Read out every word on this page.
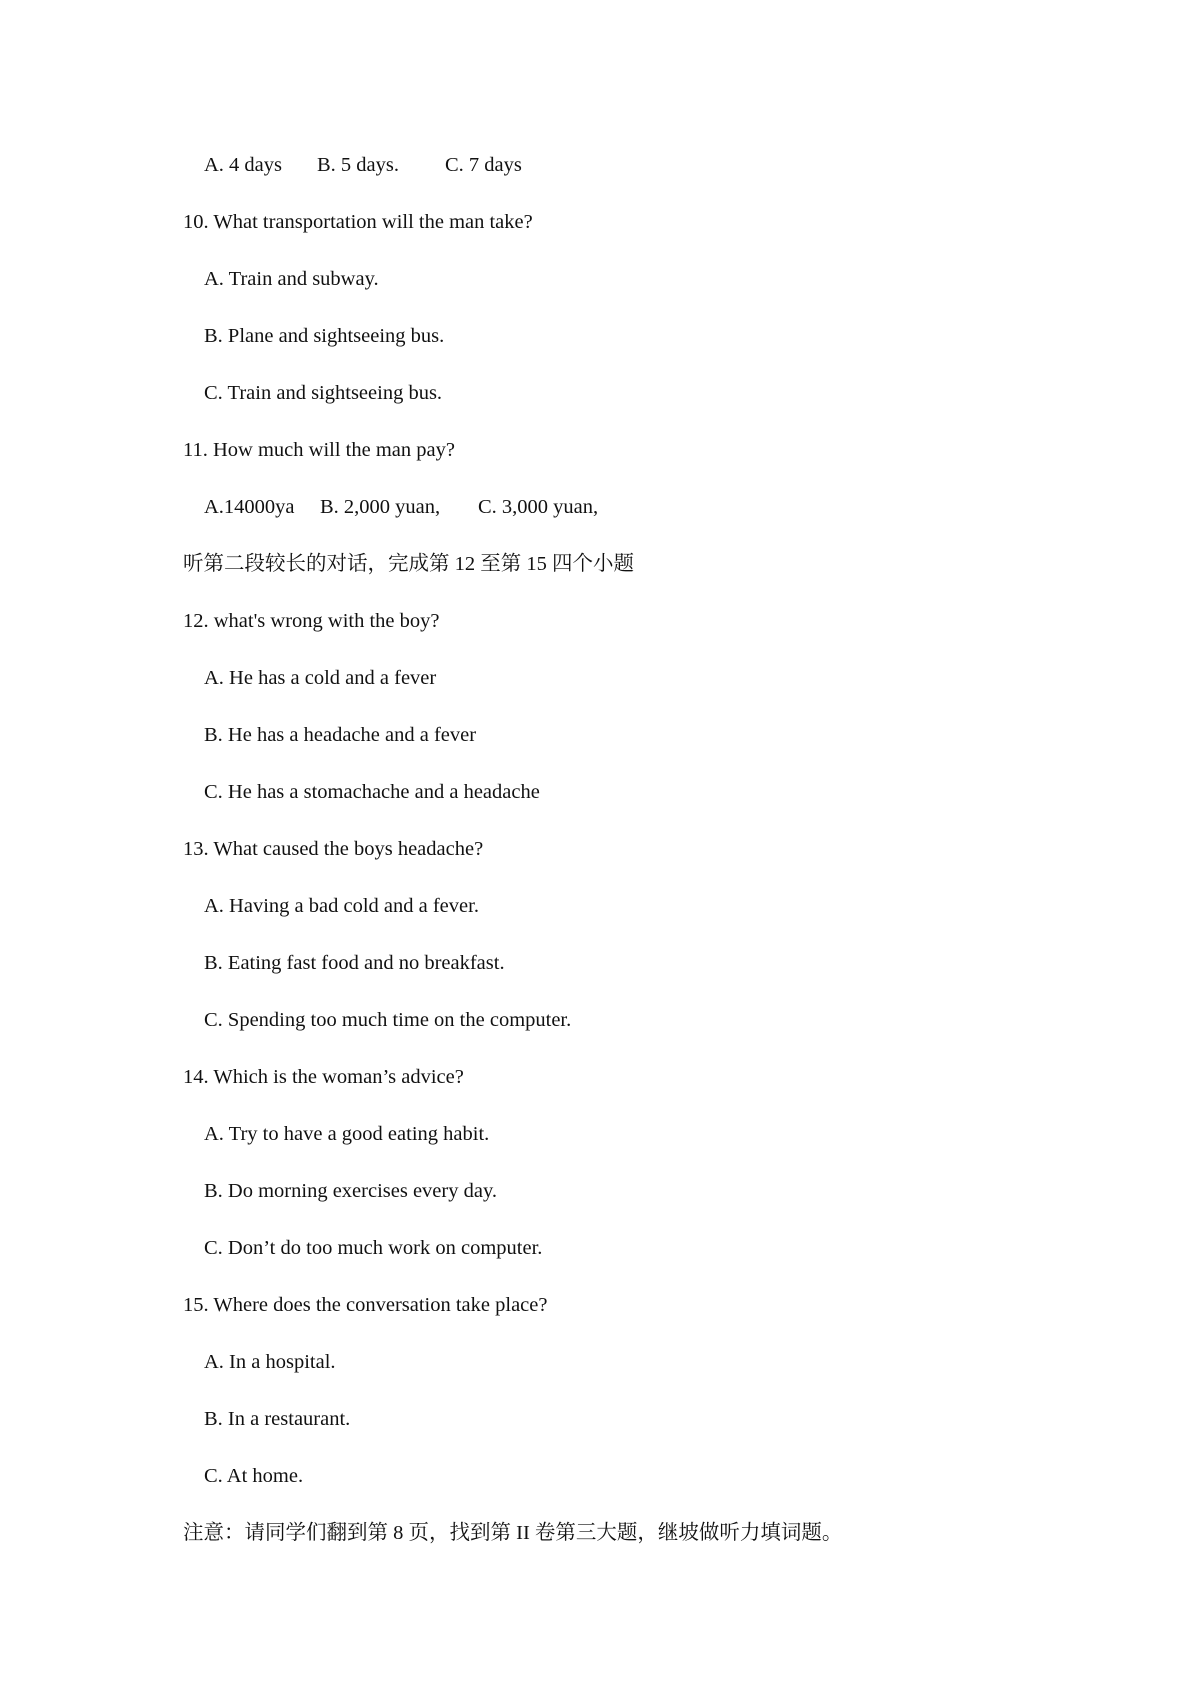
A. 4 days B. 5 days. C. 7 days
10. What transportation will the man take?
A. Train and subway.
B. Plane and sightseeing bus.
C. Train and sightseeing bus.
11. How much will the man pay?
A.14000ya B. 2,000 yuan, C. 3,000 yuan,
听第二段较长的对话，完成第 12 至第 15 四个小题
12. what's wrong with the boy?
A. He has a cold and a fever
B. He has a headache and a fever
C. He has a stomachache and a headache
13. What caused the boys headache?
A. Having a bad cold and a fever.
B. Eating fast food and no breakfast.
C. Spending too much time on the computer.
14. Which is the woman’s advice?
A. Try to have a good eating habit.
B. Do morning exercises every day.
C. Don’t do too much work on computer.
15. Where does the conversation take place?
A. In a hospital.
B. In a restaurant.
C. At home.
注意：请同学们翻到第 8 页，找到第 II 卷第三大题，继坡做听力填词题。
